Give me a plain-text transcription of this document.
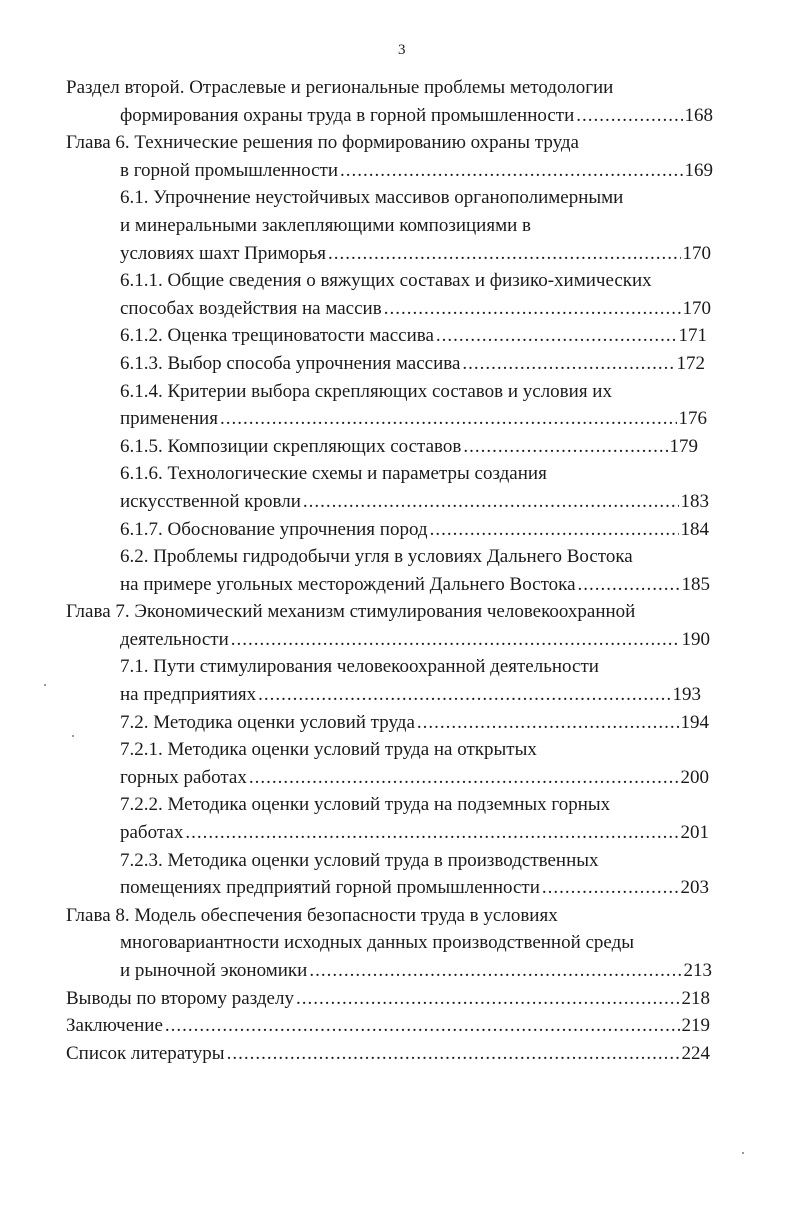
3
Раздел второй. Отраслевые и региональные проблемы методологии
формирования охраны труда в горной промышленности .....	168
Глава 6. Технические решения по формированию охраны труда
в горной промышленности .....	169
6.1. Упрочнение неустойчивых массивов органополимерными
и минеральными заклепляющими композициями в
условиях шахт Приморья .....	170
6.1.1. Общие сведения о вяжущих составах и физико-химических
способах воздействия на массив .....	170
6.1.2. Оценка трещиноватости массива .....	171
6.1.3. Выбор способа упрочнения массива .....	172
6.1.4. Критерии выбора скрепляющих составов и условия их
применения .....	176
6.1.5. Композиции скрепляющих составов .....	179
6.1.6. Технологические схемы и параметры создания
искусственной кровли .....	183
6.1.7. Обоснование упрочнения пород .....	184
6.2. Проблемы гидродобычи угля в условиях Дальнего Востока
на примере угольных месторождений Дальнего Востока .....	185
Глава 7. Экономический механизм стимулирования человекоохранной
деятельности .....	190
7.1. Пути стимулирования человекоохранной деятельности
на предприятиях .....	193
7.2. Методика оценки условий труда .....	194
7.2.1. Методика оценки условий труда на открытых
горных работах .....	200
7.2.2. Методика оценки условий труда на подземных горных
работах .....	201
7.2.3. Методика оценки условий труда в производственных
помещениях предприятий горной промышленности .....	203
Глава 8. Модель обеспечения безопасности труда в условиях
многовариантности исходных данных производственной среды
и рыночной экономики .....	213
Выводы по второму разделу .....	218
Заключение .....	219
Список литературы .....	224
